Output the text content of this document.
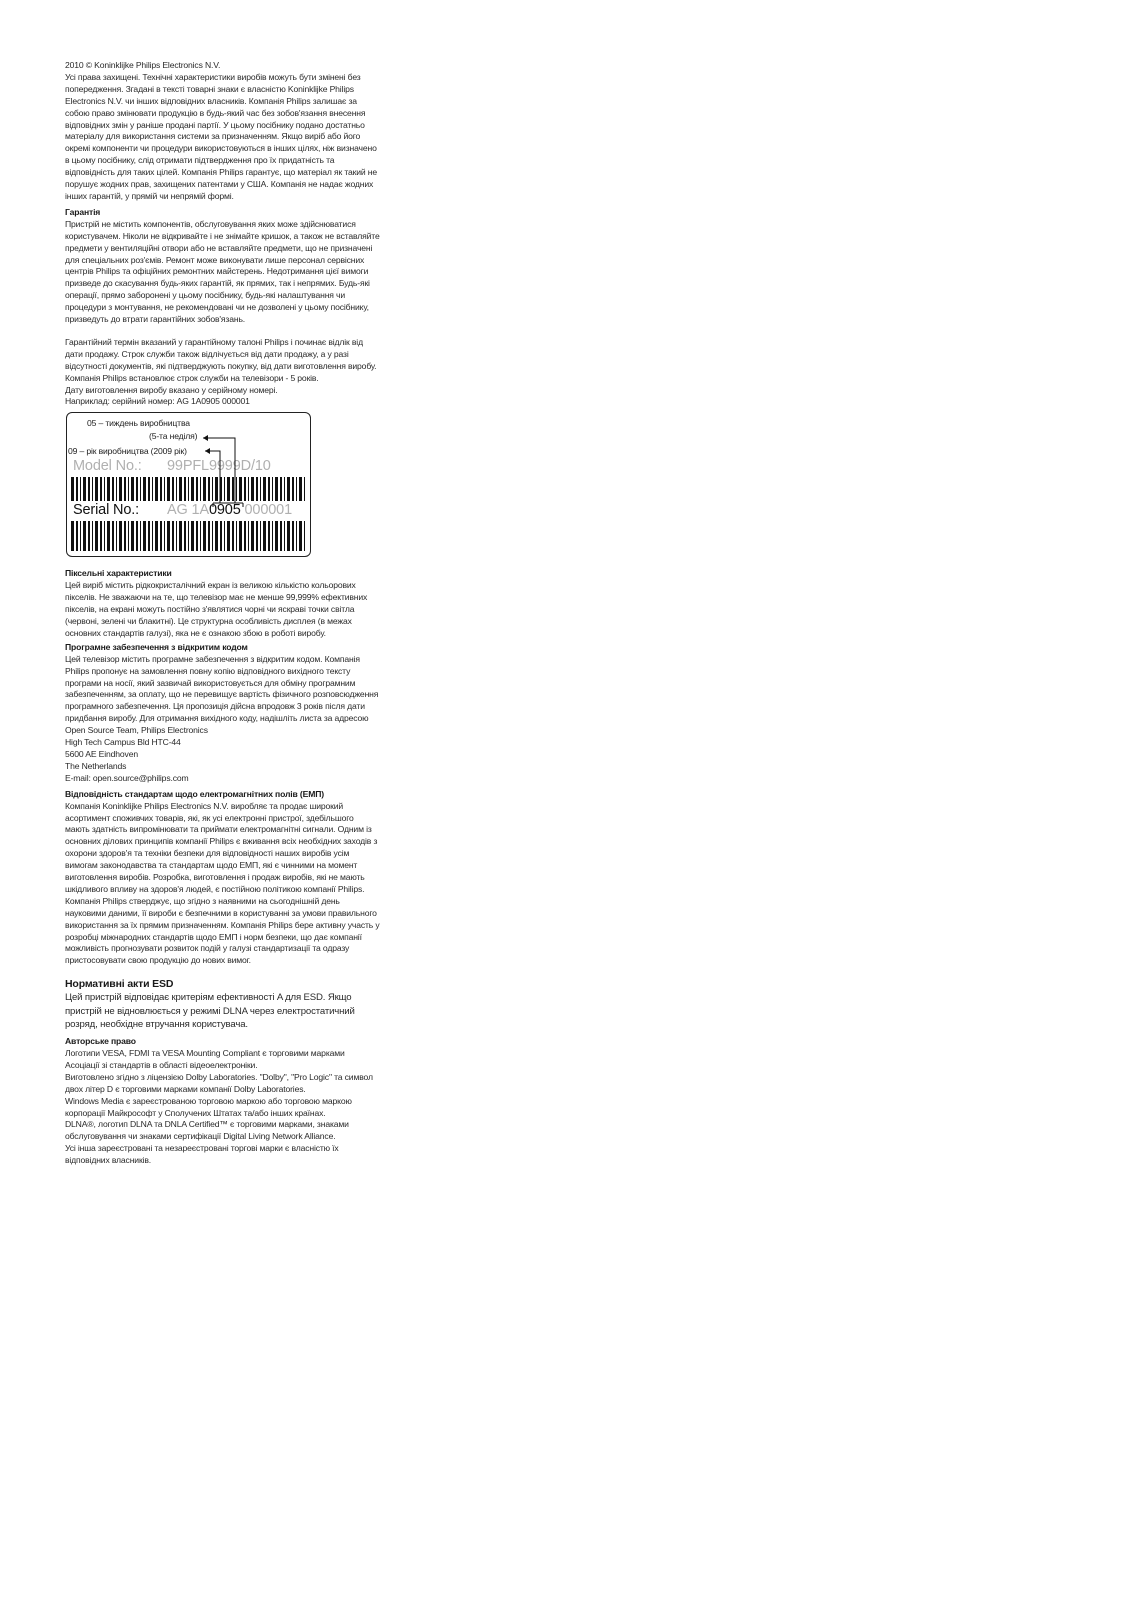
2010 © Koninklijke Philips Electronics N.V.

Усі права захищені. Технічні характеристики виробів можуть бути змінені без попередження. Згадані в тексті товарні знаки є власністю Koninklijke Philips Electronics N.V. чи інших відповідних власників. Компанія Philips залишає за собою право змінювати продукцію в будь-який час без зобов'язання внесення відповідних змін у раніше продані партії. У цьому посібнику подано достатньо матеріалу для використання системи за призначенням. Якщо виріб або його окремі компоненти чи процедури використовуються в інших цілях, ніж визначено в цьому посібнику, слід отримати підтвердження про їх придатність та відповідність для таких цілей. Компанія Philips гарантує, що матеріал як такий не порушує жодних прав, захищених патентами у США. Компанія не надає жодних інших гарантій, у прямій чи непрямій формі.

Гарантія

Пристрій не містить компонентів, обслуговування яких може здійснюватися користувачем. Ніколи не відкривайте і не знімайте кришок, а також не вставляйте предмети у вентиляційні отвори або не вставляйте предмети, що не призначені для спеціальних роз'ємів. Ремонт може виконувати лише персонал сервісних центрів Philips та офіційних ремонтних майстерень. Недотримання цієї вимоги призведе до скасування будь-яких гарантій, як прямих, так і непрямих. Будь-які операції, прямо заборонені у цьому посібнику, будь-які налаштування чи процедури з монтування, не рекомендовані чи не дозволені у цьому посібнику, призведуть до втрати гарантійних зобов'язань.

Гарантійний термін вказаний у гарантійному талоні Philips і починає відлік від дати продажу. Строк служби також відлічується від дати продажу, а у разі відсутності документів, які підтверджують покупку, від дати виготовлення виробу. Компанія Philips встановлює строк служби на телевізори - 5 років.

Дату виготовлення виробу вказано у серійному номері.

Наприклад: серійний номер: AG 1A0905 000001

05 – тиждень виробництва
(5-та неділя)
09 – рік виробництва (2009 рік)
Model No.: 99PFL9999D/10
Serial No.: AG 1A0905 000001

Піксельні характеристики

Цей виріб містить рідкокристалічний екран із великою кількістю кольорових пікселів. Не зважаючи на те, що телевізор має не менше 99,999% ефективних пікселів, на екрані можуть постійно з'являтися чорні чи яскраві точки світла (червоні, зелені чи блакитні). Це структурна особливість дисплея (в межах основних стандартів галузі), яка не є ознакою збою в роботі виробу.

Програмне забезпечення з відкритим кодом

Цей телевізор містить програмне забезпечення з відкритим кодом. Компанія Philips пропонує на замовлення повну копію відповідного вихідного тексту програми на носії, який зазвичай використовується для обміну програмним забезпеченням, за оплату, що не перевищує вартість фізичного розповсюдження програмного забезпечення. Ця пропозиція дійсна впродовж 3 років після дати придбання виробу. Для отримання вихідного коду, надішліть листа за адресою

Open Source Team, Philips Electronics

High Tech Campus Bld HTC-44

5600 AE Eindhoven

The Netherlands

E-mail: open.source@philips.com

Відповідність стандартам щодо електромагнітних полів (ЕМП)

Компанія Koninklijke Philips Electronics N.V. виробляє та продає широкий асортимент споживчих товарів, які, як усі електронні пристрої, здебільшого мають здатність випромінювати та приймати електромагнітні сигнали. Одним із основних ділових принципів компанії Philips є вживання всіх необхідних заходів з охорони здоров'я та техніки безпеки для відповідності наших виробів усім вимогам законодавства та стандартам щодо ЕМП, які є чинними на момент виготовлення виробів. Розробка, виготовлення і продаж виробів, які не мають шкідливого впливу на здоров'я людей, є постійною політикою компанії Philips. Компанія Philips стверджує, що згідно з наявними на сьогоднішній день науковими даними, її вироби є безпечними в користуванні за умови правильного використання за їх прямим призначенням. Компанія Philips бере активну участь у розробці міжнародних стандартів щодо ЕМП і норм безпеки, що дає компанії можливість прогнозувати розвиток подій у галузі стандартизації та одразу пристосовувати свою продукцію до нових вимог.

Нормативні акти ESD

Цей пристрій відповідає критеріям ефективності A для ESD. Якщо пристрій не відновлюється у режимі DLNA через електростатичний розряд, необхідне втручання користувача.

Авторське право

Логотипи VESA, FDMI та VESA Mounting Compliant є торговими марками Асоціації зі стандартів в області відеоелектроніки.

Виготовлено згідно з ліцензією Dolby Laboratories. "Dolby", "Pro Logic" та символ двох літер D є торговими марками компанії Dolby Laboratories.

Windows Media є зареєстрованою торговою маркою або торговою маркою корпорації Майкрософт у Сполучених Штатах та/або інших країнах.

DLNA®, логотип DLNA та DNLA Certified™ є торговими марками, знаками обслуговування чи знаками сертифікації Digital Living Network Alliance.

Усі інша зареєстровані та незареєстровані торгові марки є власністю їх відповідних власників.
